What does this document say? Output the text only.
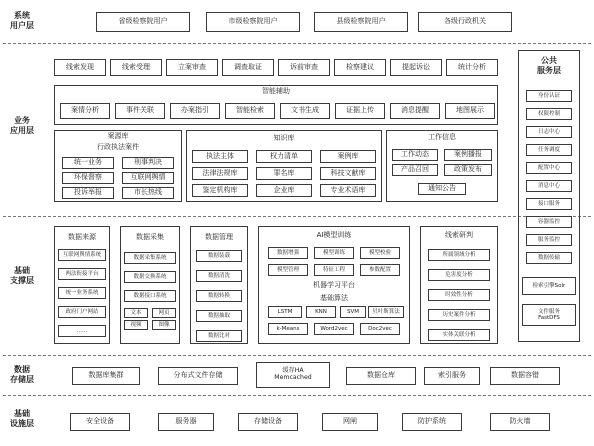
系统
用户层
业务
应用层
基础
支撑层
数据
存储层
基础
设施层
省级检察院用户	市级检察院用户	县级检察院用户	各级行政机关
线索发现	线索受理	立案审查	调查取证	诉前审查	检察建议	提起诉讼	统计分析
智能辅助
案情分析	事件关联	办案指引	智能检索	文书生成	证据上传	消息提醒	地图展示
案源库
行政执法案件
统一业务	刑事判决
环保督察	互联网舆情
投诉举报	市长热线
知识库
执法主体	权力清单	案例库
法律法规库	罪名库	科技文献库
鉴定机构库	企业库	专业术语库
工作信息
工作动态	案例播报
产品召回	政策发布
通知公告
公共
服务层
身份认证
权限控制
日志中心
任务调度
配置中心
消息中心
接口服务
容器监控
服务监控
数据传输
检索引擎Solr
文件服务
FastDFS
数据来源
互联网舆情系统
两法衔接平台
统一业务系统
政府门户网站
……
数据采集
数据采集系统
数据交换系统
数据接口系统
文本	网页
视频	图像
数据管理
数据装载
数据清洗
数据转换
数据抽取
数据比对
AI模型训练
数据增强	模型训练	模型校验
模型管理	特征工程	参数配置
机器学习平台
基础算法
LSTM	KNN	SVM	贝叶斯算法
k-Means	Word2vec	Doc2vec
线索研判
所属领域分析
危害度分析
时效性分析
历史案件分析
实体关联分析
数据库集群	分布式文件存储
缓存HA
Memcached	数据仓库	索引服务	数据容错
安全设备	服务器	存储设备	网闸	防护系统	防火墙
